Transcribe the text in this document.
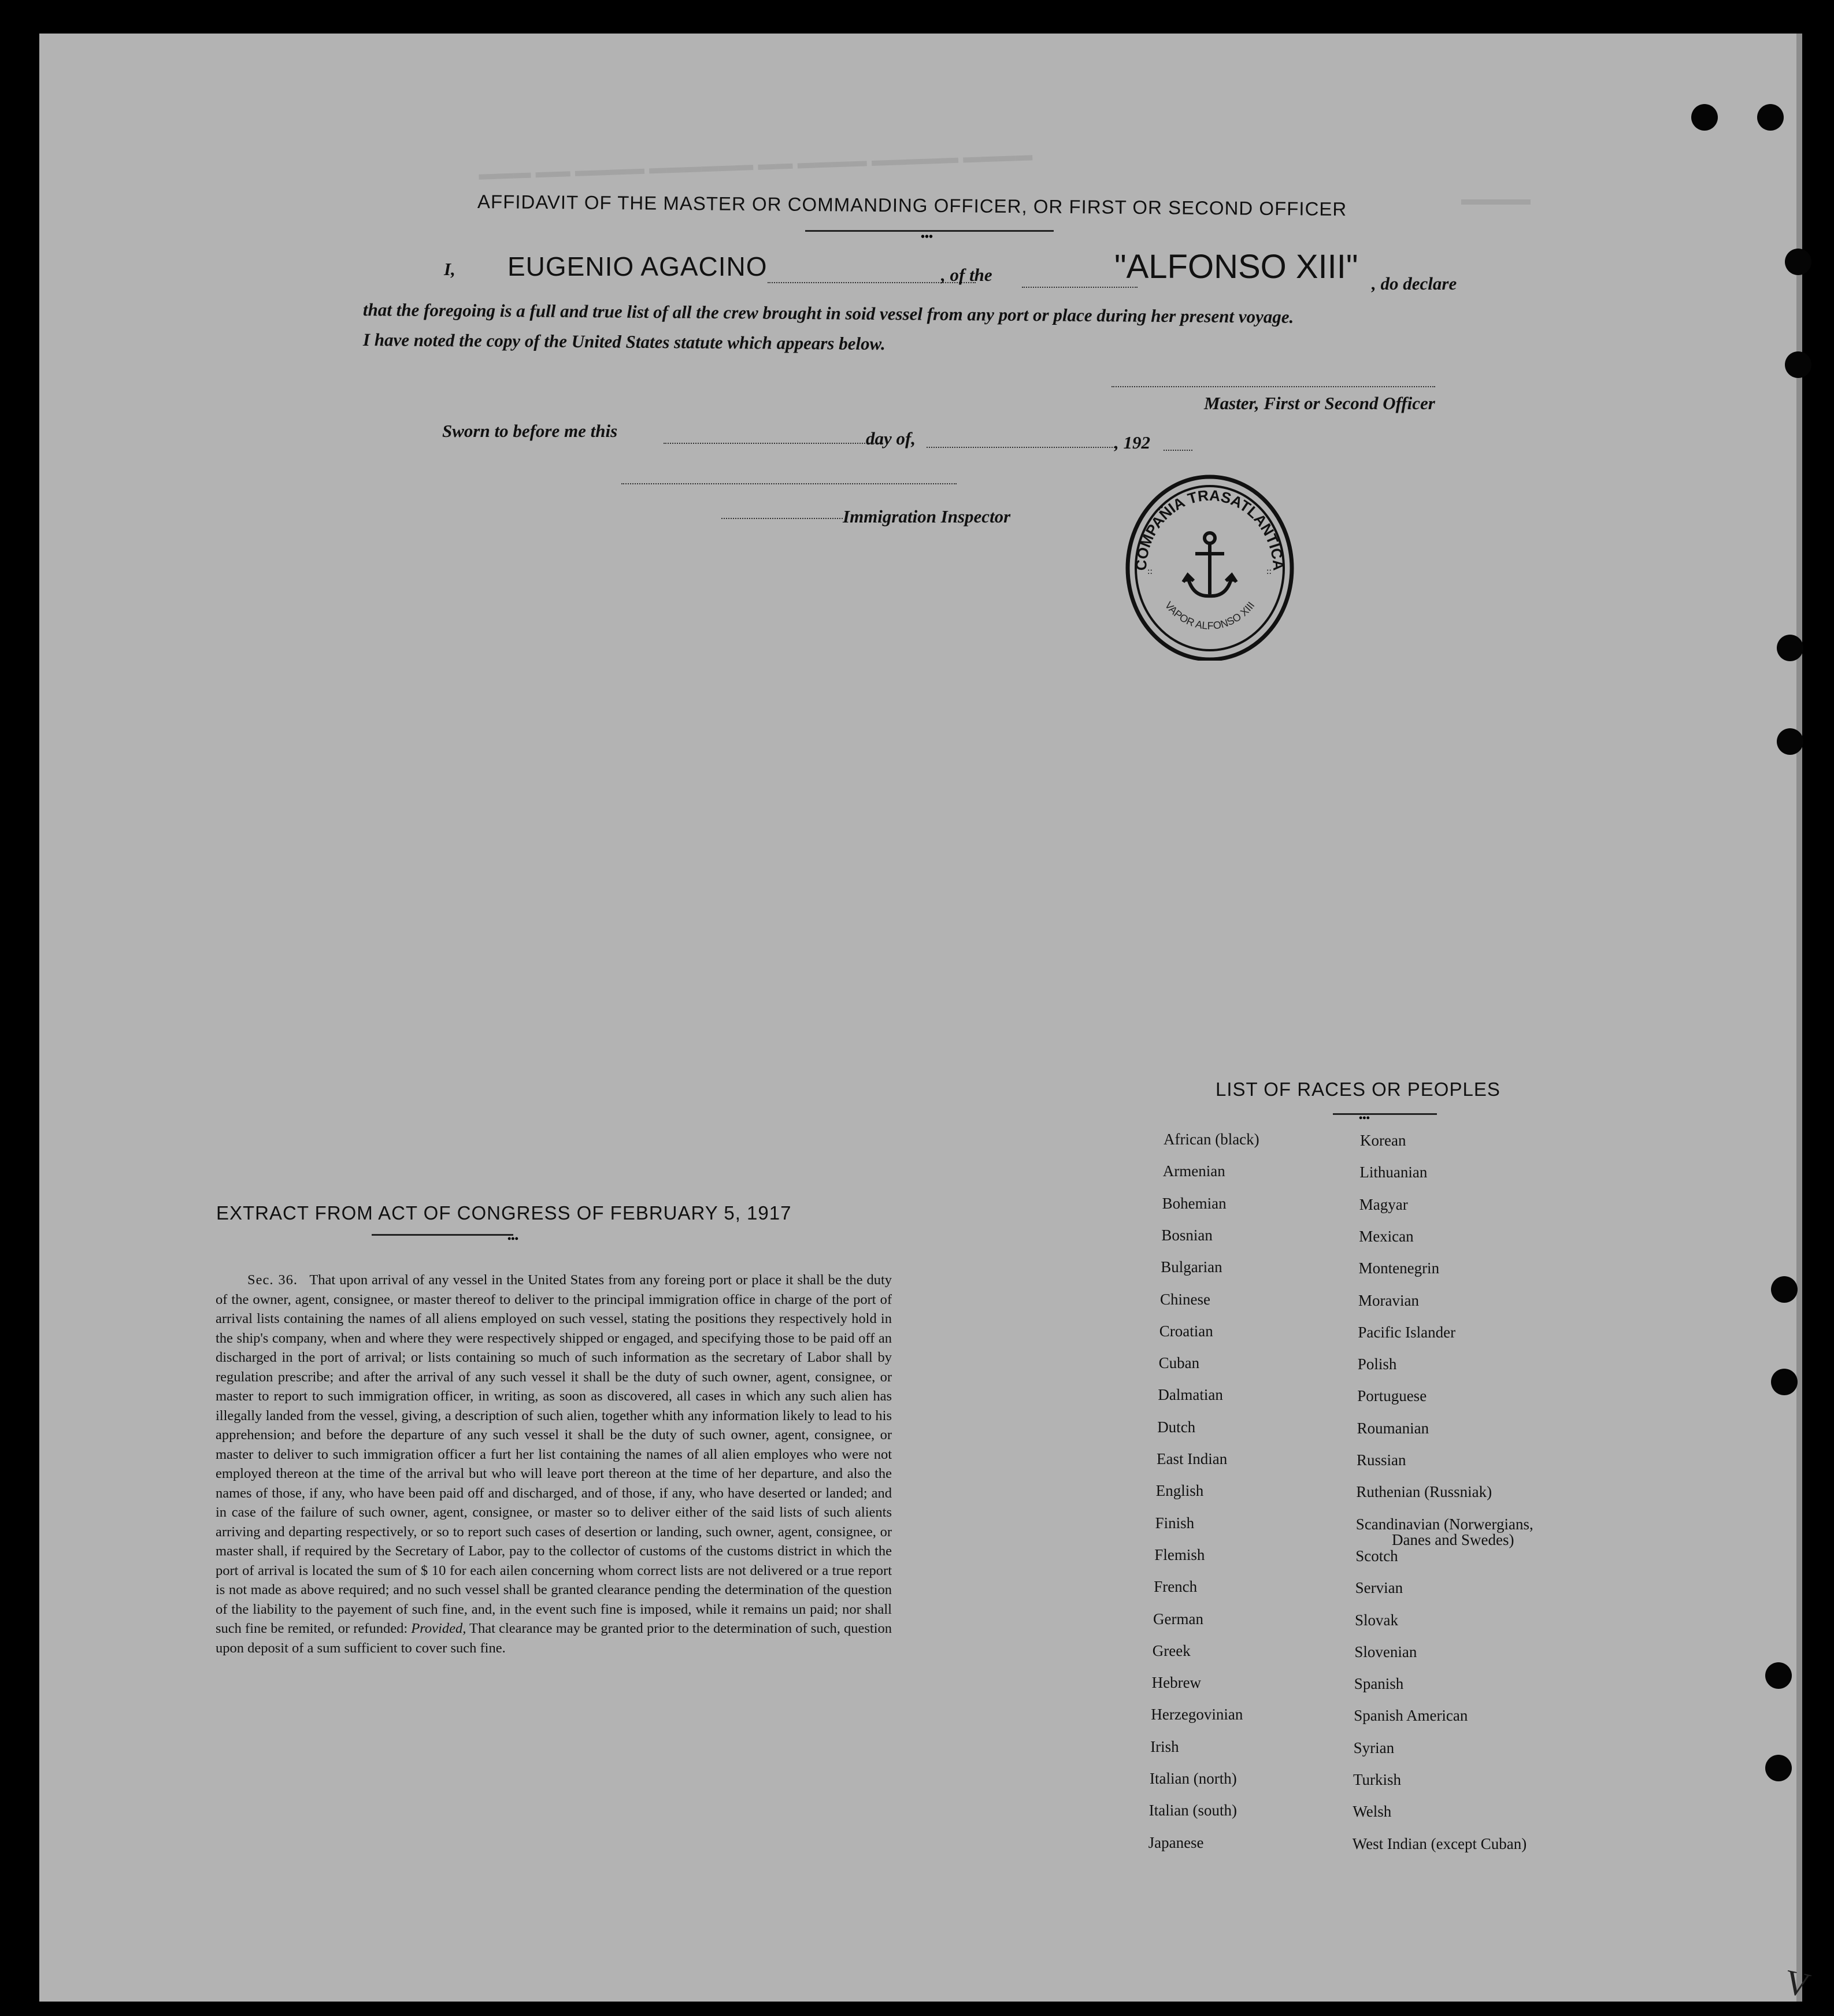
▬▬▬ ▬▬ ▬▬▬▬ ▬▬▬▬▬▬ ▬▬ ▬▬▬▬ ▬▬▬▬▬ ▬▬▬▬
▬▬▬▬
AFFIDAVIT OF THE MASTER OR COMMANDING OFFICER, OR FIRST OR SECOND OFFICER
•••
I, EUGENIO AGACINO	, of the	"ALFONSO XIII" , do declare
that the foregoing is a full and true list of all the crew brought in soid vessel from any port or place during her present voyage.
I have noted the copy of the United States statute which appears below.
Master, First or Second Officer
Sworn to before me this	day of,	, 192
Immigration Inspector
COMPAÑIA TRASATLANTICA
VAPOR ALFONSO XIII
::	::
LIST OF RACES OR PEOPLES
•••
African (black)
Armenian
Bohemian
Bosnian
Bulgarian
Chinese
Croatian
Cuban
Dalmatian
Dutch
East Indian
English
Finish
Flemish
French
German
Greek
Hebrew
Herzegovinian
Irish
Italian (north)
Italian (south)
Japanese
Korean
Lithuanian
Magyar
Mexican
Montenegrin
Moravian
Pacific Islander
Polish
Portuguese
Roumanian
Russian
Ruthenian (Russniak)
Scandinavian (Norwergians,
Scotch
Servian
Slovak
Slovenian
Spanish
Spanish American
Syrian
Turkish
Welsh
West Indian (except Cuban)
Danes and Swedes)
EXTRACT FROM ACT OF CONGRESS OF FEBRUARY 5, 1917
•••
Sec. 36. That upon arrival of any vessel in the United States from any foreing port or place it shall be the duty of the owner, agent, consignee, or master thereof to deliver to the principal immigration office in charge of the port of arrival lists containing the names of all aliens employed on such vessel, stating the positions they respectively hold in the ship's company, when and where they were respectively shipped or engaged, and specifying those to be paid off an discharged in the port of arrival; or lists containing so much of such information as the secretary of Labor shall by regulation prescribe; and after the arrival of any such vessel it shall be the duty of such owner, agent, consignee, or master to report to such immigration officer, in writing, as soon as discovered, all cases in which any such alien has illegally landed from the vessel, giving, a description of such alien, together whith any information likely to lead to his apprehension; and before the departure of any such vessel it shall be the duty of such owner, agent, consignee, or master to deliver to such immigration officer a furt her list containing the names of all alien employes who were not employed thereon at the time of the arrival but who will leave port thereon at the time of her departure, and also the names of those, if any, who have been paid off and discharged, and of those, if any, who have deserted or landed; and in case of the failure of such owner, agent, consignee, or master so to deliver either of the said lists of such alients arriving and departing respectively, or so to report such cases of desertion or landing, such owner, agent, consignee, or master shall, if required by the Secretary of Labor, pay to the collector of customs of the customs district in which the port of arrival is located the sum of $ 10 for each ailen concerning whom correct lists are not delivered or a true report is not made as above required; and no such vessel shall be granted clearance pending the determination of the question of the liability to the payement of such fine, and, in the event such fine is imposed, while it remains un paid; nor shall such fine be remited, or refunded: Provided, That clearance may be granted prior to the determination of such, question upon deposit of a sum sufficient to cover such fine.
V
